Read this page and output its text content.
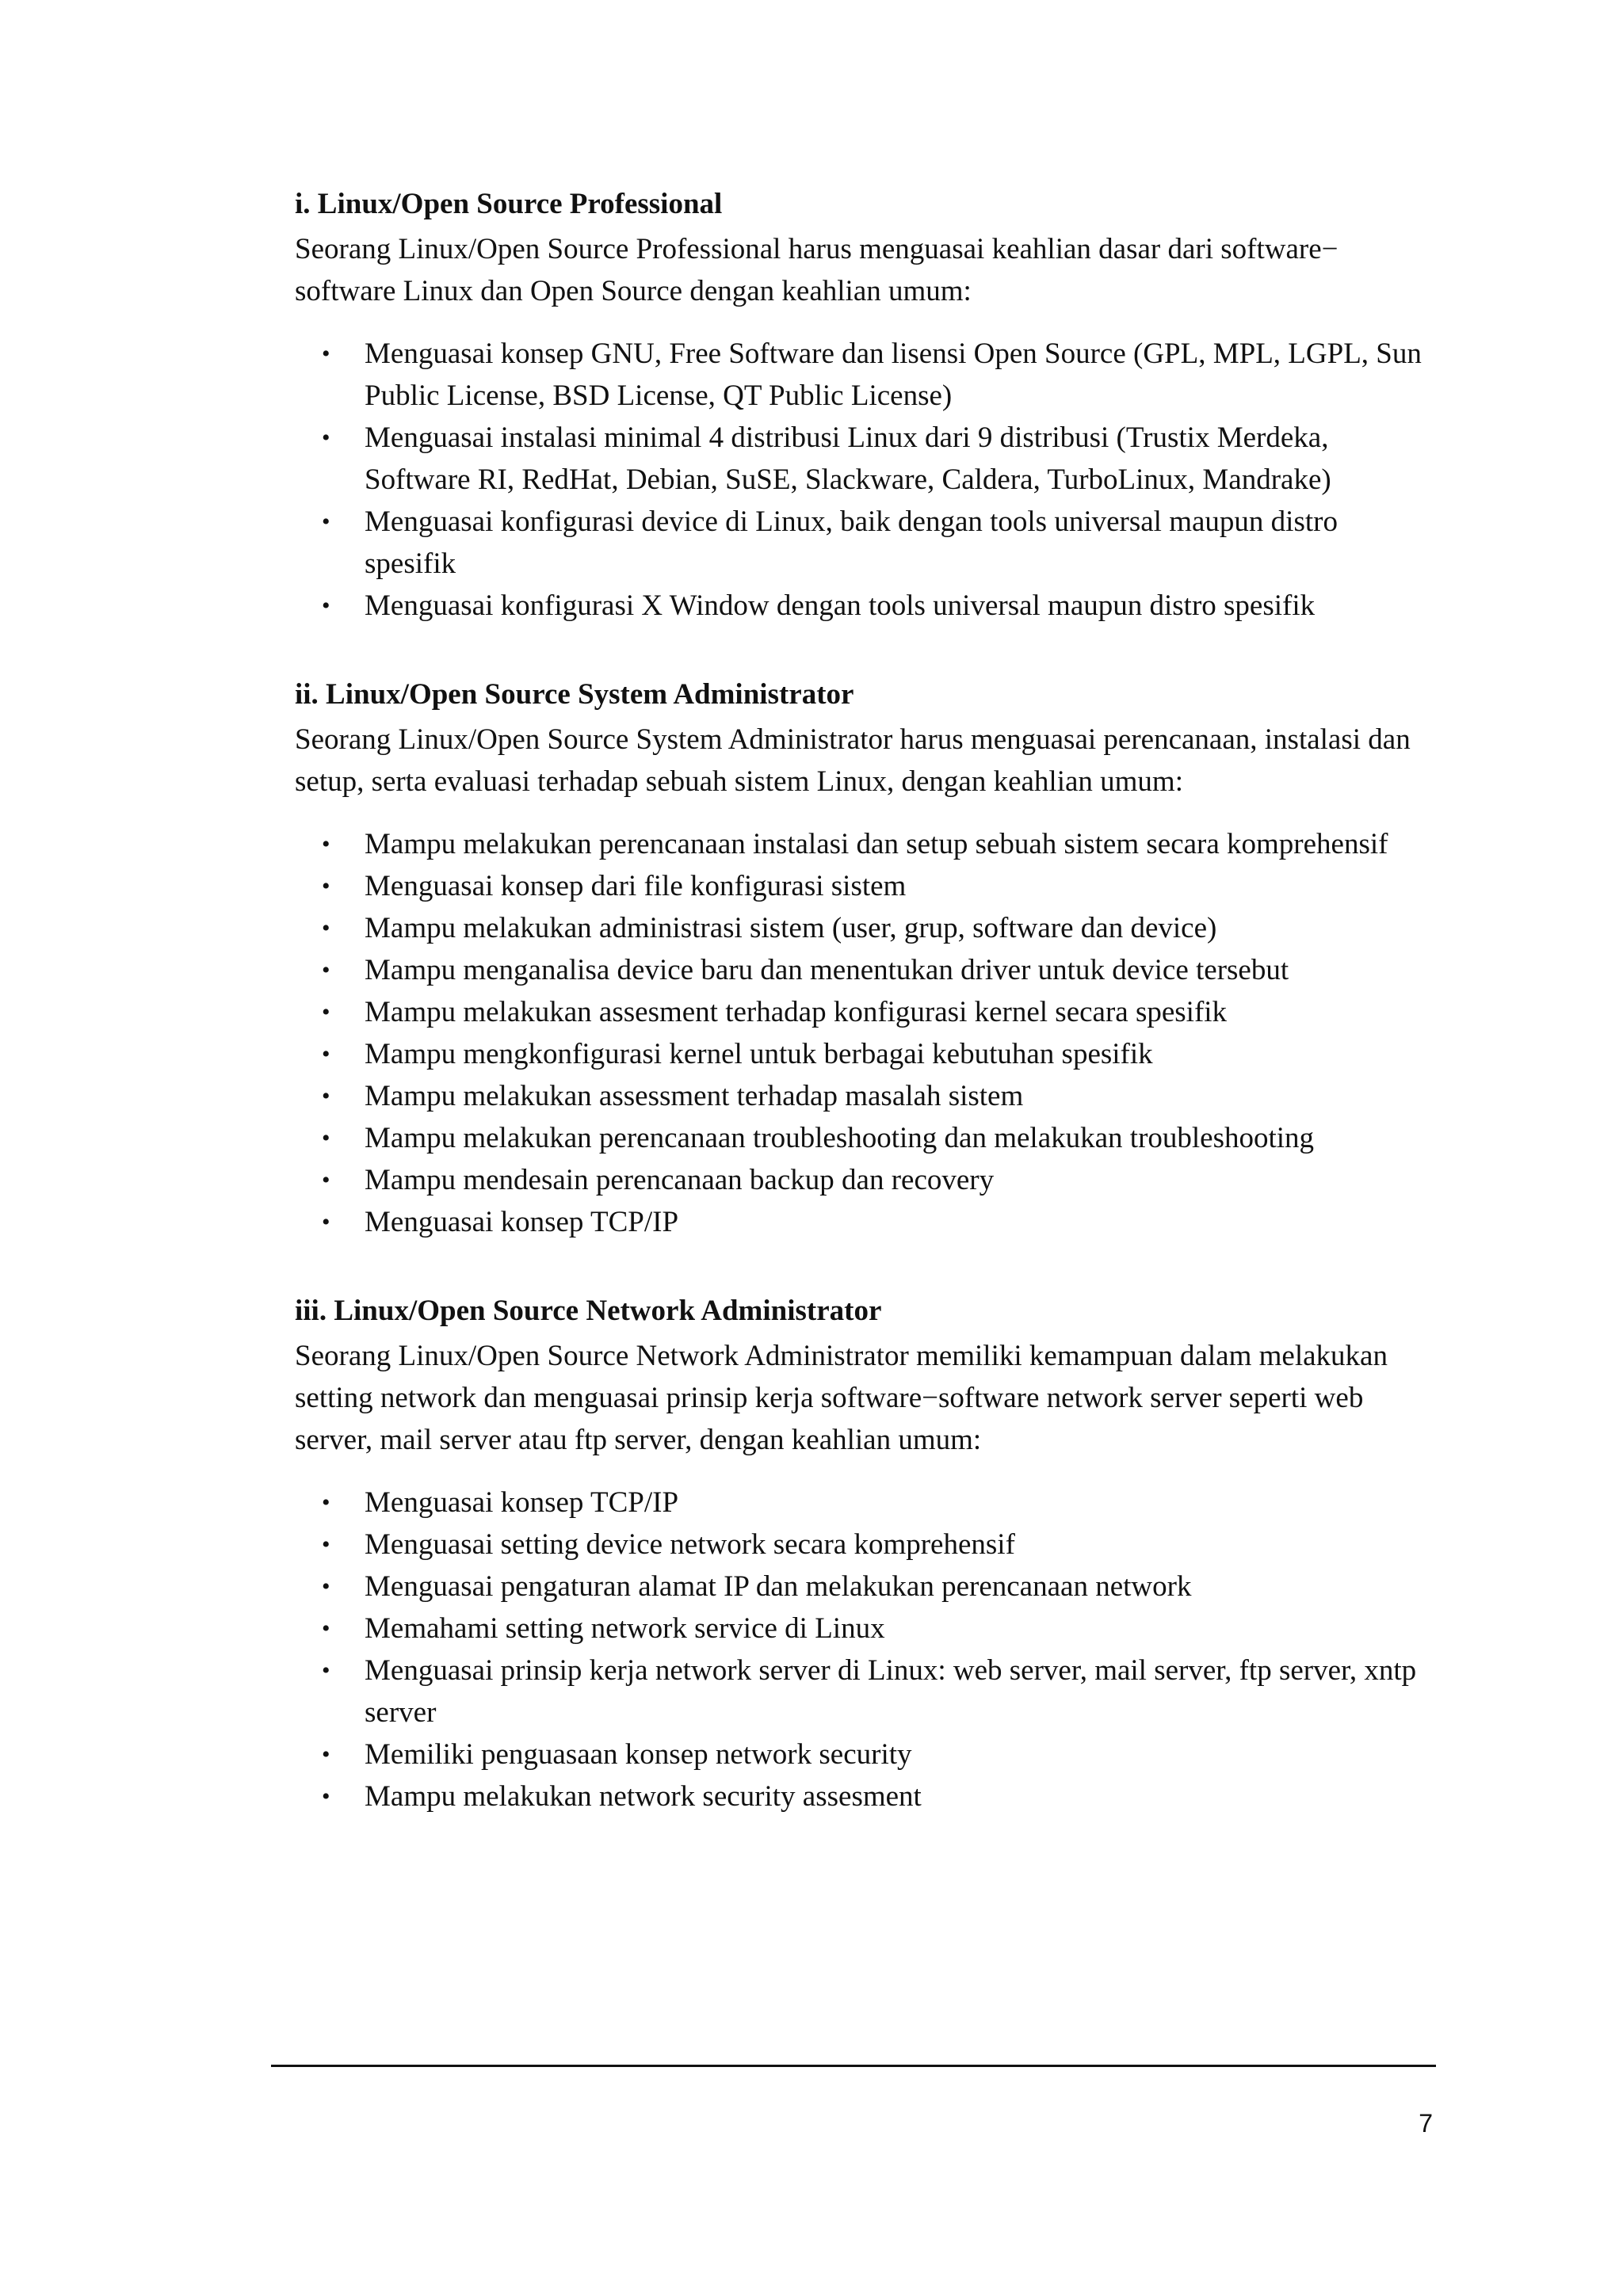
i. Linux/Open Source Professional
Seorang Linux/Open Source Professional harus menguasai keahlian dasar dari software− software Linux dan Open Source dengan keahlian umum:
• Menguasai konsep GNU, Free Software dan lisensi Open Source (GPL, MPL, LGPL, Sun Public License, BSD License, QT Public License)
• Menguasai instalasi minimal 4 distribusi Linux dari 9 distribusi (Trustix Merdeka, Software RI, RedHat, Debian, SuSE, Slackware, Caldera, TurboLinux, Mandrake)
• Menguasai konfigurasi device di Linux, baik dengan tools universal maupun distro spesifik
• Menguasai konfigurasi X Window dengan tools universal maupun distro spesifik
ii. Linux/Open Source System Administrator
Seorang Linux/Open Source System Administrator harus menguasai perencanaan, instalasi dan setup, serta evaluasi terhadap sebuah sistem Linux, dengan keahlian umum:
• Mampu melakukan perencanaan instalasi dan setup sebuah sistem secara komprehensif
• Menguasai konsep dari file konfigurasi sistem
• Mampu melakukan administrasi sistem (user, grup, software dan device)
• Mampu menganalisa device baru dan menentukan driver untuk device tersebut
• Mampu melakukan assesment terhadap konfigurasi kernel secara spesifik
• Mampu mengkonfigurasi kernel untuk berbagai kebutuhan spesifik
• Mampu melakukan assessment terhadap masalah sistem
• Mampu melakukan perencanaan troubleshooting dan melakukan troubleshooting
• Mampu mendesain perencanaan backup dan recovery
• Menguasai konsep TCP/IP
iii. Linux/Open Source Network Administrator
Seorang Linux/Open Source Network Administrator memiliki kemampuan dalam melakukan setting network dan menguasai prinsip kerja software−software network server seperti web server, mail server atau ftp server, dengan keahlian umum:
• Menguasai konsep TCP/IP
• Menguasai setting device network secara komprehensif
• Menguasai pengaturan alamat IP dan melakukan perencanaan network
• Memahami setting network service di Linux
• Menguasai prinsip kerja network server di Linux: web server, mail server, ftp server, xntp server
• Memiliki penguasaan konsep network security
• Mampu melakukan network security assesment
7
